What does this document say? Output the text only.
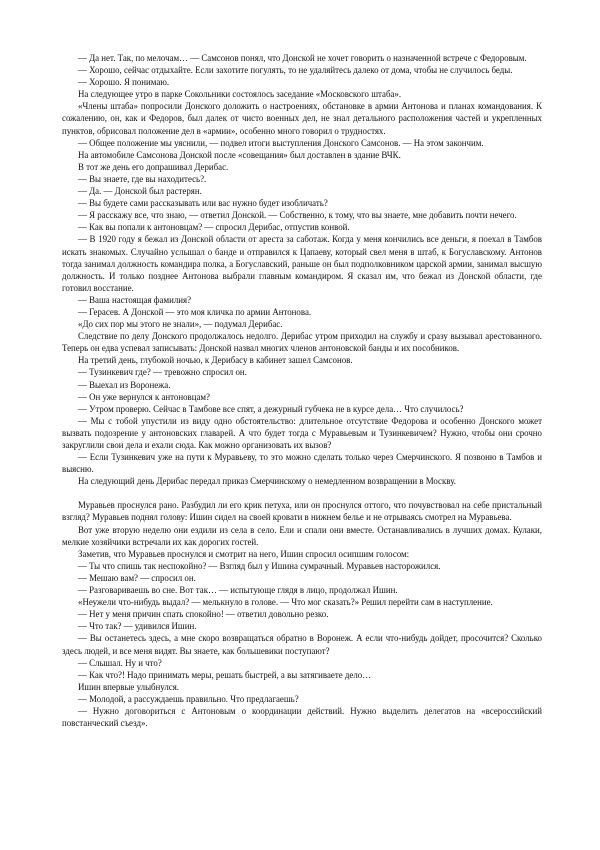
— Да нет. Так, по мелочам… — Самсонов понял, что Донской не хочет говорить о назначенной встрече с Федоровым.

— Хорошо, сейчас отдыхайте. Если захотите погулять, то не удаляйтесь далеко от дома, чтобы не случилось беды.

— Хорошо. Я понимаю.

На следующее утро в парке Сокольники состоялось заседание «Московского штаба».

«Члены штаба» попросили Донского доложить о настроениях, обстановке в армии Антонова и планах командования. К сожалению, он, как и Федоров, был далек от чисто военных дел, не знал детального расположения частей и укрепленных пунктов, обрисовал положение дел в «армии», особенно много говорил о трудностях.

— Общее положение мы уяснили, — подвел итоги выступления Донского Самсонов. — На этом закончим.

На автомобиле Самсонова Донской после «совещания» был доставлен в здание ВЧК.

В тот же день его допрашивал Дерибас.

— Вы знаете, где вы находитесь?.

— Да. — Донской был растерян.

— Вы будете сами рассказывать или вас нужно будет изобличать?

— Я расскажу все, что знаю, — ответил Донской. — Собственно, к тому, что вы знаете, мне добавить почти нечего.

— Как вы попали к антоновцам? — спросил Дерибас, отпустив конвой.

— В 1920 году я бежал из Донской области от ареста за саботаж. Когда у меня кончились все деньги, я поехал в Тамбов искать знакомых. Случайно услышал о банде и отправился к Цапаеву, который свел меня в штаб, к Богуславскому. Антонов тогда занимал должность командира полка, а Богуславский, раньше он был подполковником царской армии, занимал высшую должность. И только позднее Антонова выбрали главным командиром. Я сказал им, что бежал из Донской области, где готовил восстание.

— Ваша настоящая фамилия?

— Герасев. А Донской — это моя кличка по армии Антонова.

«До сих пор мы этого не знали», — подумал Дерибас.

Следствие по делу Донского продолжалось недолго. Дерибас утром приходил на службу и сразу вызывал арестованного. Теперь он едва успевал записывать: Донской назвал многих членов антоновской банды и их пособников.

На третий день, глубокой ночью, к Дерибасу в кабинет зашел Самсонов.

— Тузинкевич где? — тревожно спросил он.

— Выехал из Воронежа.

— Он уже вернулся к антоновцам?

— Утром проверю. Сейчас в Тамбове все спят, а дежурный губчека не в курсе дела… Что случилось?

— Мы с тобой упустили из виду одно обстоятельство: длительное отсутствие Федорова и особенно Донского может вызвать подозрение у антоновских главарей. А что будет тогда с Муравьевым и Тузинкевичем? Нужно, чтобы они срочно закруглили свои дела и ехали сюда. Как можно организовать их вызов?

— Если Тузинкевич уже на пути к Муравьеву, то это можно сделать только через Смерчинского. Я позвоню в Тамбов и выясню.

На следующий день Дерибас передал приказ Смерчинскому о немедленном возвращении в Москву.

Муравьев проснулся рано. Разбудил ли его крик петуха, или он проснулся оттого, что почувствовал на себе пристальный взгляд? Муравьев поднял голову: Ишин сидел на своей кровати в нижнем белье и не отрываясь смотрел на Муравьева.

Вот уже вторую неделю они ездили из села в село. Ели и спали они вместе. Останавливались в лучших домах. Кулаки, мелкие хозяйчики встречали их как дорогих гостей.

Заметив, что Муравьев проснулся и смотрит на него, Ишин спросил осипшим голосом:

— Ты что спишь так неспокойно? — Взгляд был у Ишина сумрачный. Муравьев насторожился.

— Мешаю вам? — спросил он.

— Разговариваешь во сне. Вот так… — испытующе глядя в лицо, продолжал Ишин.

«Неужели что-нибудь выдал? — мелькнуло в голове. — Что мог сказать?» Решил перейти сам в наступление.

— Нет у меня причин спать спокойно! — ответил довольно резко.

— Что так? — удивился Ишин.

— Вы останетесь здесь, а мне скоро возвращаться обратно в Воронеж. А если что-нибудь дойдет, просочится? Сколько здесь людей, и все меня видят. Вы знаете, как большевики поступают?

— Слышал. Ну и что?

— Как что?! Надо принимать меры, решать быстрей, а вы затягиваете дело…

Ишин впервые улыбнулся.

— Молодой, а рассуждаешь правильно. Что предлагаешь?

— Нужно договориться с Антоновым о координации действий. Нужно выделить делегатов на «всероссийский повстанческий съезд».
